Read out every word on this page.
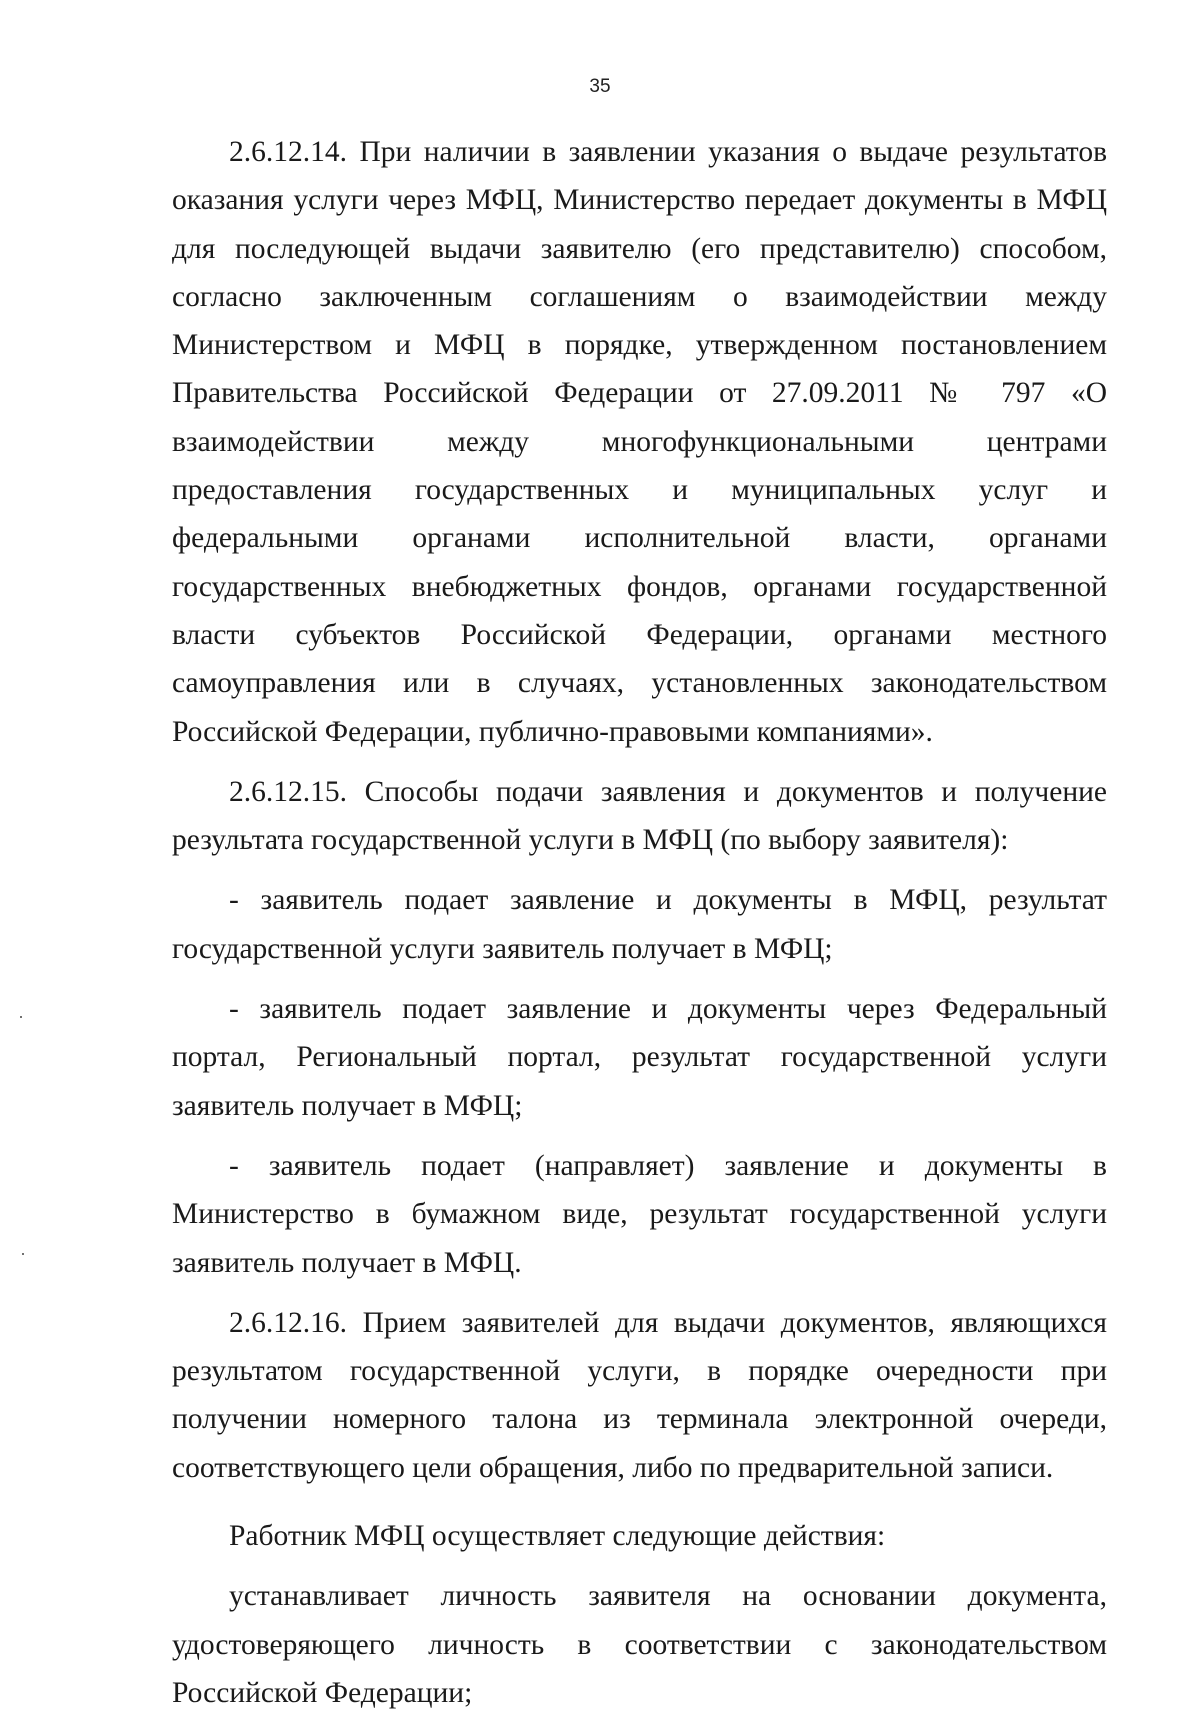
35

2.6.12.14. При наличии в заявлении указания о выдаче результатов оказания услуги через МФЦ, Министерство передает документы в МФЦ для последующей выдачи заявителю (его представителю) способом, согласно заключенным соглашениям о взаимодействии между Министерством и МФЦ в порядке, утвержденном постановлением Правительства Российской Федерации от 27.09.2011 № 797 «О взаимодействии между многофункциональными центрами предоставления государственных и муниципальных услуг и федеральными органами исполнительной власти, органами государственных внебюджетных фондов, органами государственной власти субъектов Российской Федерации, органами местного самоуправления или в случаях, установленных законодательством Российской Федерации, публично-правовыми компаниями».

2.6.12.15. Способы подачи заявления и документов и получение результата государственной услуги в МФЦ (по выбору заявителя):

- заявитель подает заявление и документы в МФЦ, результат государственной услуги заявитель получает в МФЦ;

- заявитель подает заявление и документы через Федеральный портал, Региональный портал, результат государственной услуги заявитель получает в МФЦ;

- заявитель подает (направляет) заявление и документы в Министерство в бумажном виде, результат государственной услуги заявитель получает в МФЦ.

2.6.12.16. Прием заявителей для выдачи документов, являющихся результатом государственной услуги, в порядке очередности при получении номерного талона из терминала электронной очереди, соответствующего цели обращения, либо по предварительной записи.

Работник МФЦ осуществляет следующие действия:

устанавливает личность заявителя на основании документа, удостоверяющего личность в соответствии с законодательством Российской Федерации;
